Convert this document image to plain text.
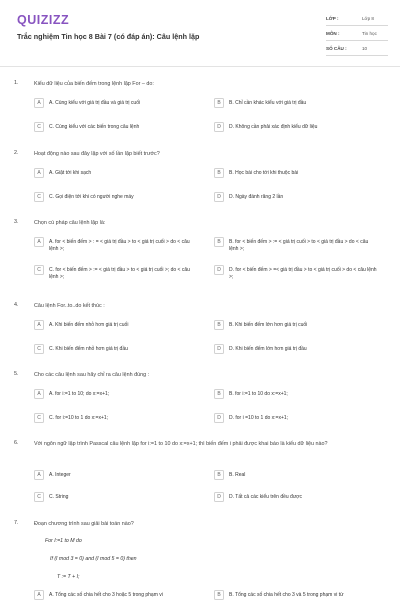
QUIZIZZ
Trắc nghiệm Tin học 8 Bài 7 (có đáp án): Câu lệnh lặp
LỚP :	Lớp 8
MÔN :	Tin học
SỐ CÂU :	10
1.	Kiểu dữ liệu của biến đếm trong lệnh lặp For – do:
A	A. Cùng kiểu với giá trị đầu và giá trị cuối	B	B. Chỉ cần khác kiểu với giá trị đầu
C	C. Cùng kiểu với các biến trong câu lệnh	D	D. Không cần phải xác định kiểu dữ liệu
2.	Hoạt động nào sau đây lặp với số lần lặp biết trước?
A	A. Giặt tới khi sạch	B	B. Học bài cho tới khi thuộc bài
C	C. Gọi điện tới khi có người nghe máy	D	D. Ngày đánh răng 2 lần
3.	Chọn cú pháp câu lệnh lặp là:
A	A. for < biến đếm > : = < giá trị đầu > to < giá trị cuối > do < câu lệnh >;
B	B. for < biến đếm > := < giá trị cuối > to < giá trị đầu > do < câu lệnh >;
C	C. for < biến đếm > := < giá trị đầu > to < giá trị cuối >; do < câu lệnh >;
D	D. for < biến đếm > =< giá trị đầu > to < giá trị cuối > do < câu lệnh >;
4.	Câu lệnh For..to..do kết thúc :
A	A. Khi biến đếm nhỏ hơn giá trị cuối	B	B. Khi biến đếm lớn hơn giá trị cuối
C	C. Khi biến đếm nhỏ hơn giá trị đầu	D	D. Khi biến đếm lớn hơn giá trị đầu
5.	Cho các câu lệnh sau hãy chỉ ra câu lệnh đúng :
A	A. for i:=1 to 10; do x:=x+1;	B	B. for i:=1 to 10 do x:=x+1;
C	C. for i:=10 to 1 do x:=x+1;	D	D. for i =10 to 1 do x:=x+1;
6.	Với ngôn ngữ lập trình Passcal câu lệnh lặp for i:=1 to 10 do x:=x+1; thì biến đếm i phải được khai báo là kiểu dữ liệu nào?
A	A. Integer	B	B. Real
C	C. String	D	D. Tất cả các kiểu trên đều được
7.	Đoạn chương trình sau giải bài toán nào?
For I:=1 to M do
If (I mod 3 = 0) and (I mod 5 = 0) then
T := T + I;
A	A. Tổng các số chia hết cho 3 hoặc 5 trong phạm vi	B	B. Tổng các số chia hết cho 3 và 5 trong phạm vi từ
